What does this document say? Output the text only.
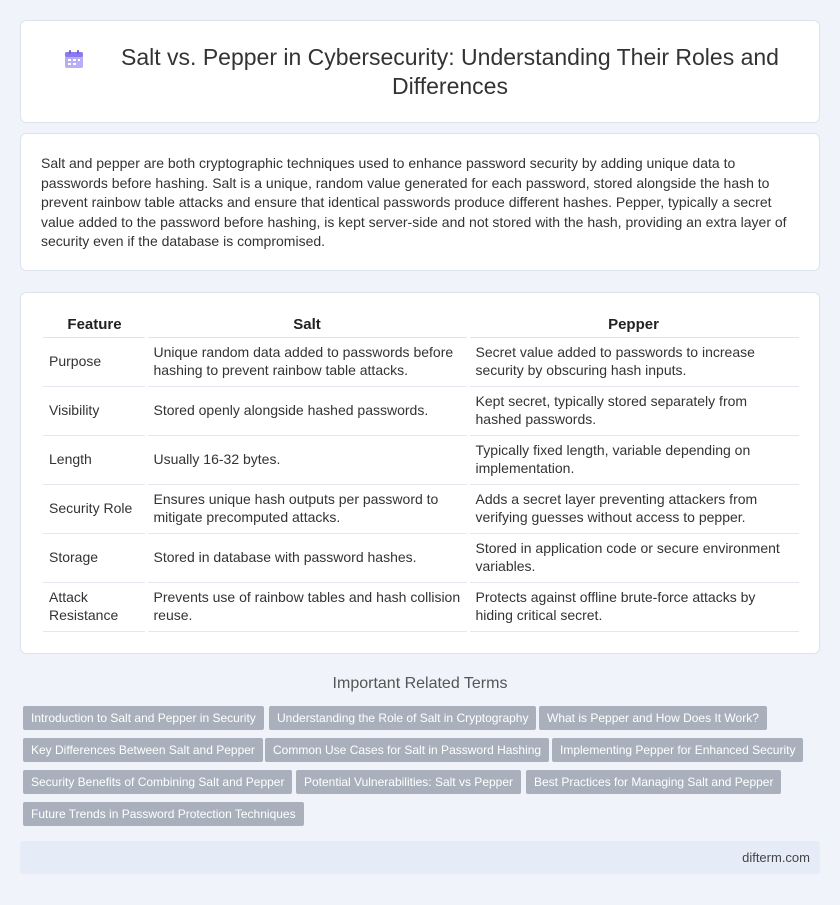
Salt vs. Pepper in Cybersecurity: Understanding Their Roles and Differences

Salt and pepper are both cryptographic techniques used to enhance password security by adding unique data to passwords before hashing. Salt is a unique, random value generated for each password, stored alongside the hash to prevent rainbow table attacks and ensure that identical passwords produce different hashes. Pepper, typically a secret value added to the password before hashing, is kept server-side and not stored with the hash, providing an extra layer of security even if the database is compromised.

Feature	Salt	Pepper
Purpose	Unique random data added to passwords before hashing to prevent rainbow table attacks.	Secret value added to passwords to increase security by obscuring hash inputs.
Visibility	Stored openly alongside hashed passwords.	Kept secret, typically stored separately from hashed passwords.
Length	Usually 16-32 bytes.	Typically fixed length, variable depending on implementation.
Security Role	Ensures unique hash outputs per password to mitigate precomputed attacks.	Adds a secret layer preventing attackers from verifying guesses without access to pepper.
Storage	Stored in database with password hashes.	Stored in application code or secure environment variables.
Attack Resistance	Prevents use of rainbow tables and hash collision reuse.	Protects against offline brute-force attacks by hiding critical secret.
Important Related Terms
Introduction to Salt and Pepper in Security	Understanding the Role of Salt in Cryptography	What is Pepper and How Does It Work?
Key Differences Between Salt and Pepper	Common Use Cases for Salt in Password Hashing	Implementing Pepper for Enhanced Security
Security Benefits of Combining Salt and Pepper	Potential Vulnerabilities: Salt vs Pepper	Best Practices for Managing Salt and Pepper
Future Trends in Password Protection Techniques
difterm.com
